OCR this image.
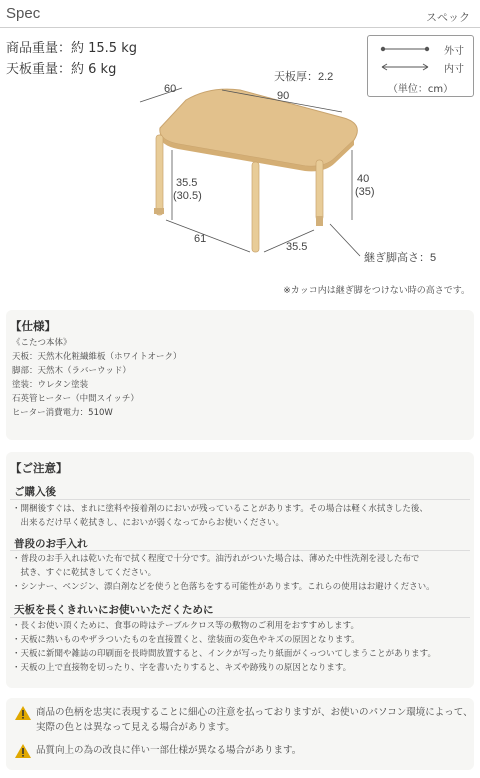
Spec	スペック
商品重量：約 15.5 kg
天板重量：約 6 kg
外寸
内寸
（単位：cm）
60
90
天板厚：2.2
35.5
(30.5)
40
(35)
61
35.5
継ぎ脚高さ：5
※カッコ内は継ぎ脚をつけない時の高さです。
【仕様】
《こたつ本体》
天板：天然木化粧繊維板（ホワイトオーク）
脚部：天然木（ラバーウッド）
塗装：ウレタン塗装
石英管ヒーター（中間スイッチ）
ヒーター消費電力：510W
【ご注意】
ご購入後
・開梱後すぐは、まれに塗料や接着剤のにおいが残っていることがあります。その場合は軽く水拭きした後、
　出来るだけ早く乾拭きし、においが弱くなってからお使いください。
普段のお手入れ
・普段のお手入れは乾いた布で拭く程度で十分です。油汚れがついた場合は、薄めた中性洗剤を浸した布で
　拭き、すぐに乾拭きしてください。
・シンナー、ベンジン、漂白剤などを使うと色落ちをする可能性があります。これらの使用はお避けください。
天板を長くきれいにお使いいただくために
・長くお使い頂くために、食事の時はテーブルクロス等の敷物のご利用をおすすめします。
・天板に熱いものやザラついたものを直接置くと、塗装面の変色やキズの原因となります。
・天板に新聞や雑誌の印刷面を長時間放置すると、インクが写ったり紙面がくっついてしまうことがあります。
・天板の上で直接物を切ったり、字を書いたりすると、キズや跡残りの原因となります。
商品の色柄を忠実に表現することに細心の注意を払っておりますが、お使いのパソコン環境によって、
実際の色とは異なって見える場合があります。
品質向上の為の改良に伴い一部仕様が異なる場合があります。
